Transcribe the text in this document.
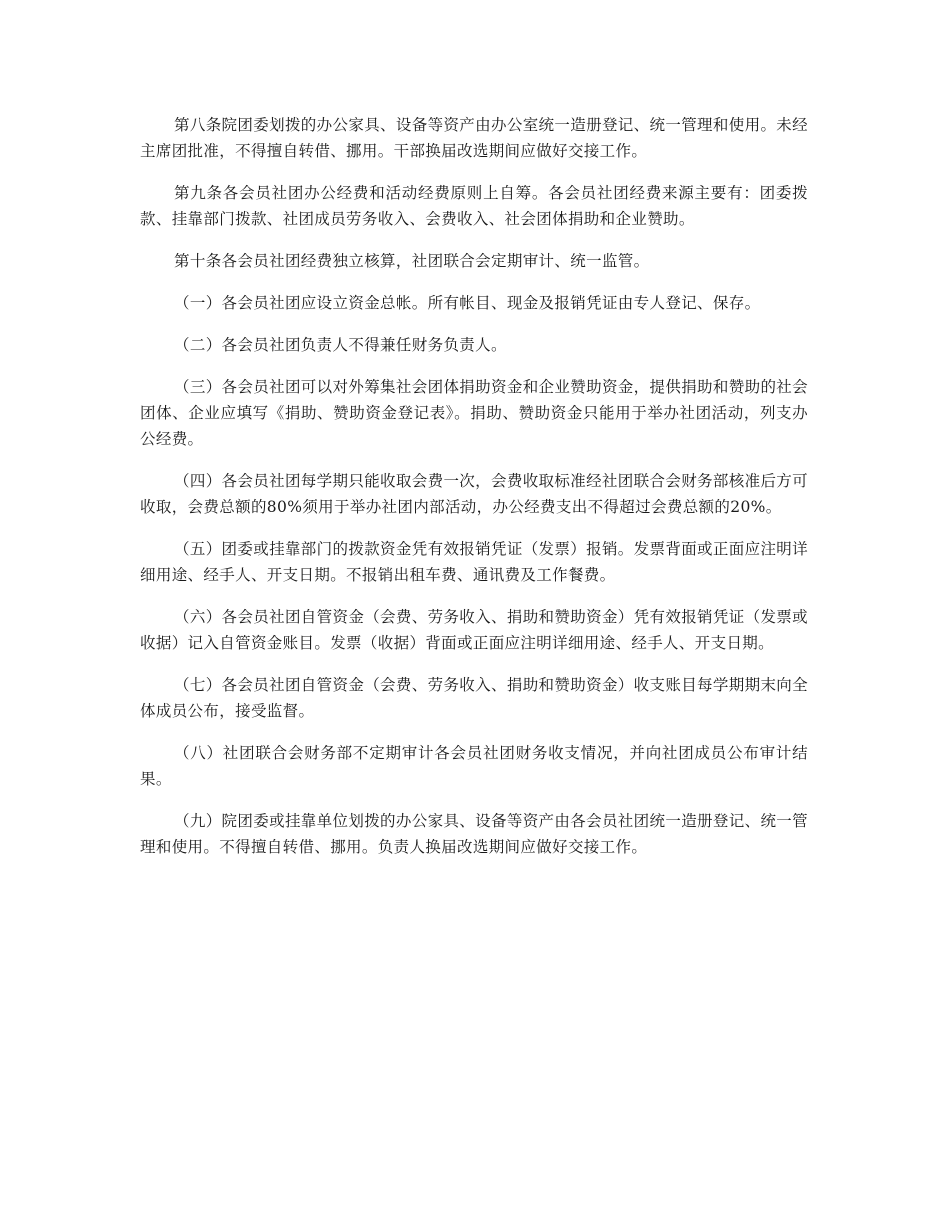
第八条院团委划拨的办公家具、设备等资产由办公室统一造册登记、统一管理和使用。未经主席团批准，不得擅自转借、挪用。干部换届改选期间应做好交接工作。

第九条各会员社团办公经费和活动经费原则上自筹。各会员社团经费来源主要有：团委拨款、挂靠部门拨款、社团成员劳务收入、会费收入、社会团体捐助和企业赞助。

第十条各会员社团经费独立核算，社团联合会定期审计、统一监管。

（一）各会员社团应设立资金总帐。所有帐目、现金及报销凭证由专人登记、保存。

（二）各会员社团负责人不得兼任财务负责人。

（三）各会员社团可以对外筹集社会团体捐助资金和企业赞助资金，提供捐助和赞助的社会团体、企业应填写《捐助、赞助资金登记表》。捐助、赞助资金只能用于举办社团活动，列支办公经费。

（四）各会员社团每学期只能收取会费一次，会费收取标准经社团联合会财务部核准后方可收取，会费总额的80%须用于举办社团内部活动，办公经费支出不得超过会费总额的20%。

（五）团委或挂靠部门的拨款资金凭有效报销凭证（发票）报销。发票背面或正面应注明详细用途、经手人、开支日期。不报销出租车费、通讯费及工作餐费。

（六）各会员社团自管资金（会费、劳务收入、捐助和赞助资金）凭有效报销凭证（发票或收据）记入自管资金账目。发票（收据）背面或正面应注明详细用途、经手人、开支日期。

（七）各会员社团自管资金（会费、劳务收入、捐助和赞助资金）收支账目每学期期末向全体成员公布，接受监督。

（八）社团联合会财务部不定期审计各会员社团财务收支情况，并向社团成员公布审计结果。

（九）院团委或挂靠单位划拨的办公家具、设备等资产由各会员社团统一造册登记、统一管理和使用。不得擅自转借、挪用。负责人换届改选期间应做好交接工作。
